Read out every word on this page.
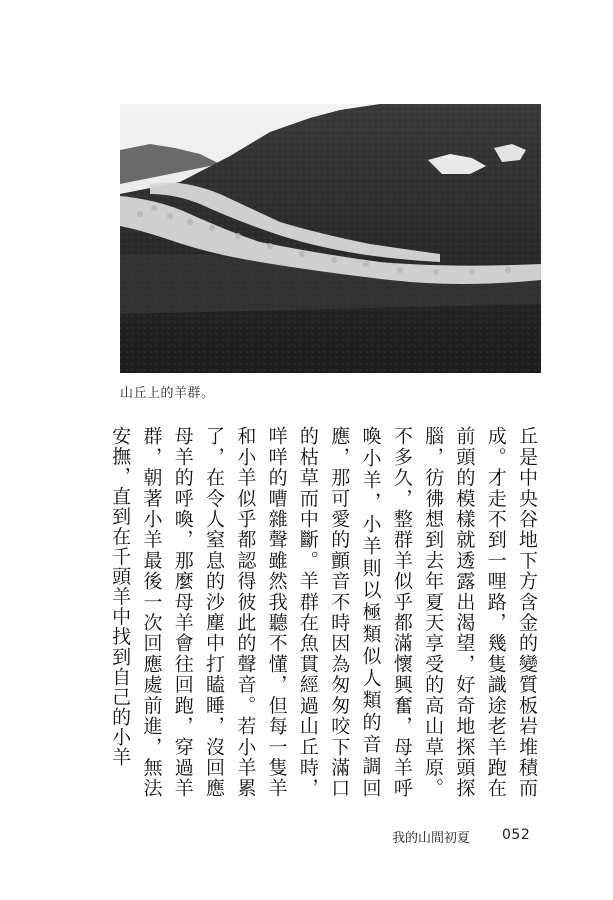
山丘上的羊群。

丘是中央谷地下方含金的變質板岩堆積而成。才走不到一哩路，幾隻識途老羊跑在前頭的模樣就透露出渴望，好奇地探頭探腦，彷彿想到去年夏天享受的高山草原。不多久，整群羊似乎都滿懷興奮，母羊呼喚小羊，小羊則以極類似人類的音調回應，那可愛的顫音不時因為匆匆咬下滿口的枯草而中斷。羊群在魚貫經過山丘時，咩咩的嘈雜聲雖然我聽不懂，但每一隻羊和小羊似乎都認得彼此的聲音。若小羊累了，在令人窒息的沙塵中打瞌睡，沒回應母羊的呼喚，那麼母羊會往回跑，穿過羊群，朝著小羊最後一次回應處前進，無法安撫，直到在千頭羊中找到自己的小羊

我的山間初夏 052
